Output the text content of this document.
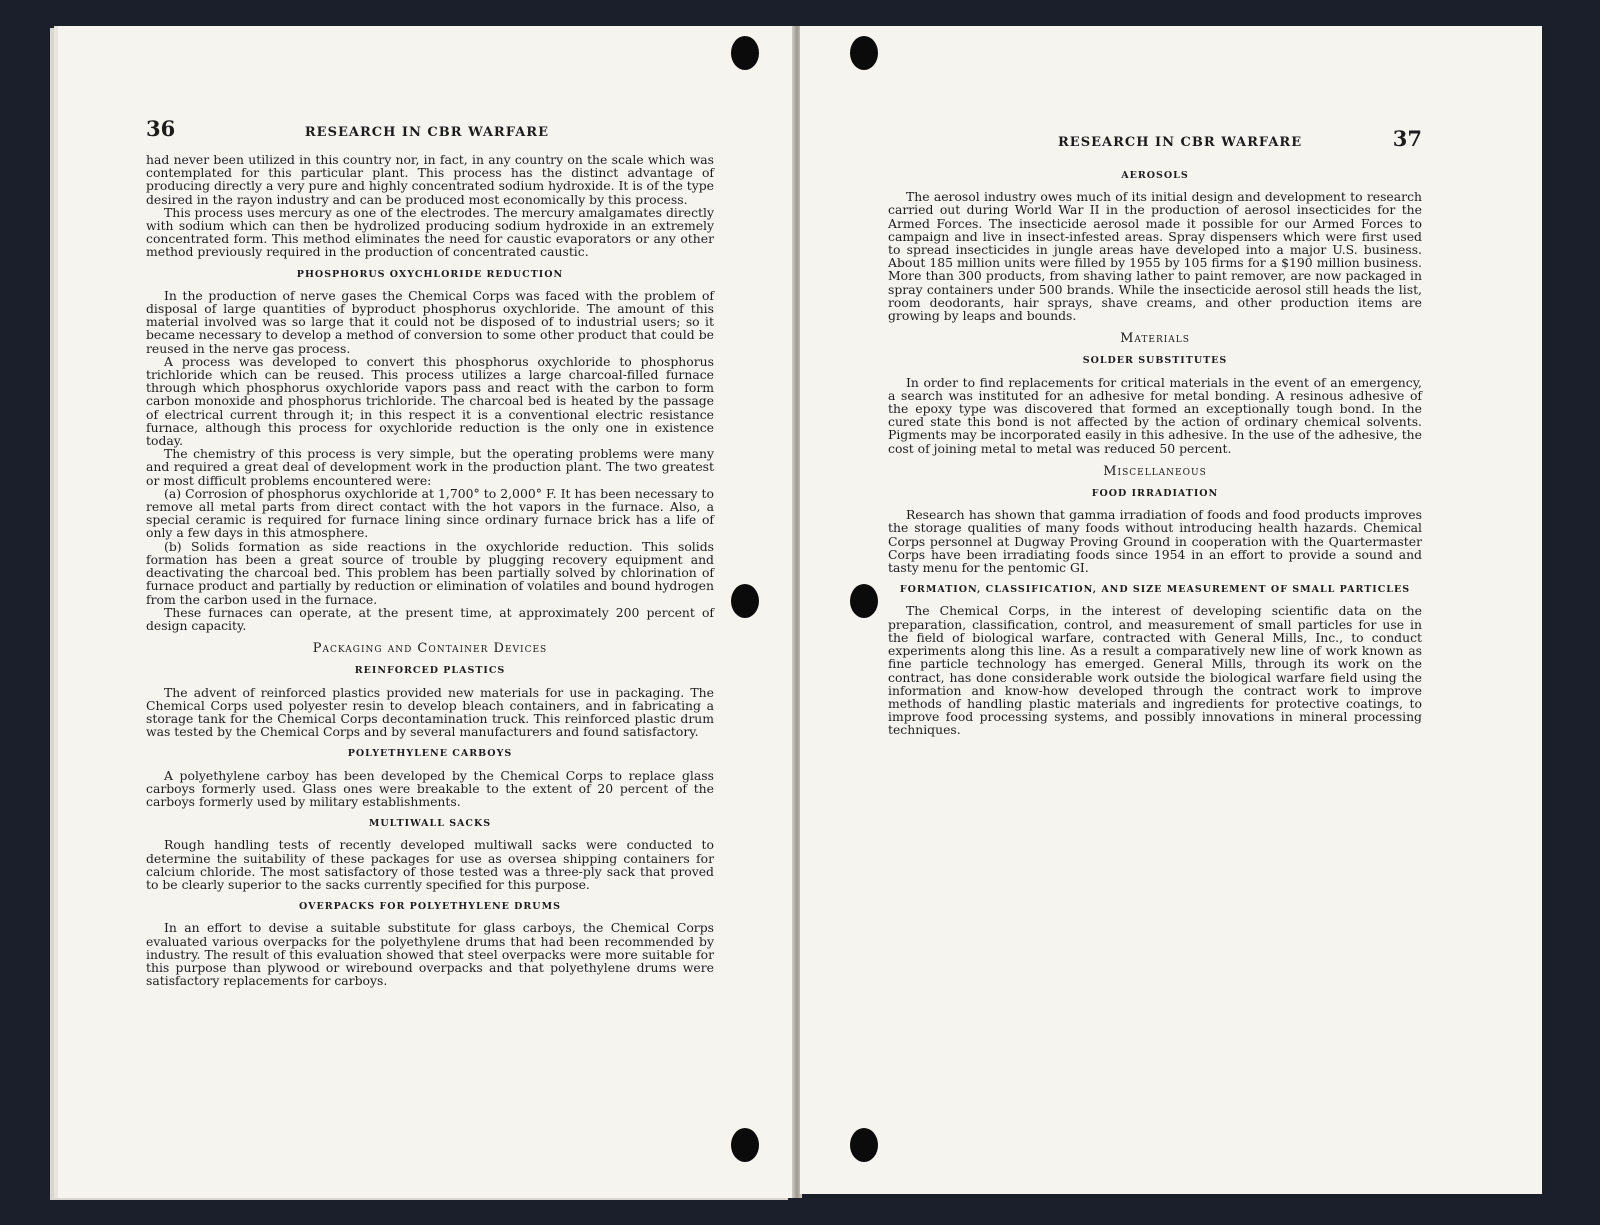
36	RESEARCH IN CBR WARFARE

had never been utilized in this country nor, in fact, in any country on the scale which was contemplated for this particular plant. This process has the distinct advantage of producing directly a very pure and highly concentrated sodium hydroxide. It is of the type desired in the rayon industry and can be produced most economically by this process.

This process uses mercury as one of the electrodes. The mercury amalgamates directly with sodium which can then be hydrolized producing sodium hydroxide in an extremely concentrated form. This method eliminates the need for caustic evaporators or any other method previously required in the production of concentrated caustic.

PHOSPHORUS OXYCHLORIDE REDUCTION

In the production of nerve gases the Chemical Corps was faced with the problem of disposal of large quantities of byproduct phosphorus oxychloride. The amount of this material involved was so large that it could not be disposed of to industrial users; so it became necessary to develop a method of conversion to some other product that could be reused in the nerve gas process.

A process was developed to convert this phosphorus oxychloride to phosphorus trichloride which can be reused. This process utilizes a large charcoal-filled furnace through which phosphorus oxychloride vapors pass and react with the carbon to form carbon monoxide and phosphorus trichloride. The charcoal bed is heated by the passage of electrical current through it; in this respect it is a conventional electric resistance furnace, although this process for oxychloride reduction is the only one in existence today.

The chemistry of this process is very simple, but the operating problems were many and required a great deal of development work in the production plant. The two greatest or most difficult problems encountered were:

(a) Corrosion of phosphorus oxychloride at 1,700° to 2,000° F. It has been necessary to remove all metal parts from direct contact with the hot vapors in the furnace. Also, a special ceramic is required for furnace lining since ordinary furnace brick has a life of only a few days in this atmosphere.

(b) Solids formation as side reactions in the oxychloride reduction. This solids formation has been a great source of trouble by plugging recovery equipment and deactivating the charcoal bed. This problem has been partially solved by chlorination of furnace product and partially by reduction or elimination of volatiles and bound hydrogen from the carbon used in the furnace.

These furnaces can operate, at the present time, at approximately 200 percent of design capacity.

Packaging and Container Devices
REINFORCED PLASTICS

The advent of reinforced plastics provided new materials for use in packaging. The Chemical Corps used polyester resin to develop bleach containers, and in fabricating a storage tank for the Chemical Corps decontamination truck. This reinforced plastic drum was tested by the Chemical Corps and by several manufacturers and found satisfactory.

POLYETHYLENE CARBOYS

A polyethylene carboy has been developed by the Chemical Corps to replace glass carboys formerly used. Glass ones were breakable to the extent of 20 percent of the carboys formerly used by military establishments.

MULTIWALL SACKS

Rough handling tests of recently developed multiwall sacks were conducted to determine the suitability of these packages for use as oversea shipping containers for calcium chloride. The most satisfactory of those tested was a three-ply sack that proved to be clearly superior to the sacks currently specified for this purpose.

OVERPACKS FOR POLYETHYLENE DRUMS

In an effort to devise a suitable substitute for glass carboys, the Chemical Corps evaluated various overpacks for the polyethylene drums that had been recommended by industry. The result of this evaluation showed that steel overpacks were more suitable for this purpose than plywood or wirebound overpacks and that polyethylene drums were satisfactory replacements for carboys.

RESEARCH IN CBR WARFARE	37
AEROSOLS

The aerosol industry owes much of its initial design and development to research carried out during World War II in the production of aerosol insecticides for the Armed Forces. The insecticide aerosol made it possible for our Armed Forces to campaign and live in insect-infested areas. Spray dispensers which were first used to spread insecticides in jungle areas have developed into a major U.S. business. About 185 million units were filled by 1955 by 105 firms for a $190 million business. More than 300 products, from shaving lather to paint remover, are now packaged in spray containers under 500 brands. While the insecticide aerosol still heads the list, room deodorants, hair sprays, shave creams, and other production items are growing by leaps and bounds.

Materials
SOLDER SUBSTITUTES

In order to find replacements for critical materials in the event of an emergency, a search was instituted for an adhesive for metal bonding. A resinous adhesive of the epoxy type was discovered that formed an exceptionally tough bond. In the cured state this bond is not affected by the action of ordinary chemical solvents. Pigments may be incorporated easily in this adhesive. In the use of the adhesive, the cost of joining metal to metal was reduced 50 percent.

Miscellaneous
FOOD IRRADIATION

Research has shown that gamma irradiation of foods and food products improves the storage qualities of many foods without introducing health hazards. Chemical Corps personnel at Dugway Proving Ground in cooperation with the Quartermaster Corps have been irradiating foods since 1954 in an effort to provide a sound and tasty menu for the pentomic GI.

FORMATION, CLASSIFICATION, AND SIZE MEASUREMENT OF SMALL PARTICLES

The Chemical Corps, in the interest of developing scientific data on the preparation, classification, control, and measurement of small particles for use in the field of biological warfare, contracted with General Mills, Inc., to conduct experiments along this line. As a result a comparatively new line of work known as fine particle technology has emerged. General Mills, through its work on the contract, has done considerable work outside the biological warfare field using the information and know-how developed through the contract work to improve methods of handling plastic materials and ingredients for protective coatings, to improve food processing systems, and possibly innovations in mineral processing techniques.
